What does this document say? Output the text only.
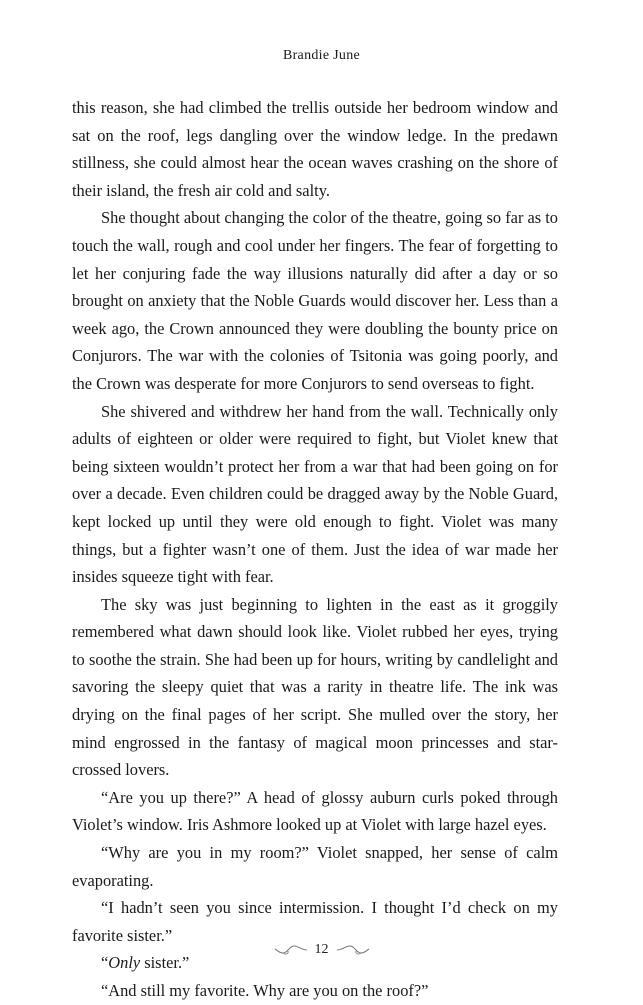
Brandie June

this reason, she had climbed the trellis outside her bedroom window and sat on the roof, legs dangling over the window ledge. In the predawn stillness, she could almost hear the ocean waves crashing on the shore of their island, the fresh air cold and salty.

She thought about changing the color of the theatre, going so far as to touch the wall, rough and cool under her fingers. The fear of forgetting to let her conjuring fade the way illusions naturally did after a day or so brought on anxiety that the Noble Guards would discover her. Less than a week ago, the Crown announced they were doubling the bounty price on Conjurors. The war with the colonies of Tsitonia was going poorly, and the Crown was desperate for more Conjurors to send overseas to fight.

She shivered and withdrew her hand from the wall. Technically only adults of eighteen or older were required to fight, but Violet knew that being sixteen wouldn’t protect her from a war that had been going on for over a decade. Even children could be dragged away by the Noble Guard, kept locked up until they were old enough to fight. Violet was many things, but a fighter wasn’t one of them. Just the idea of war made her insides squeeze tight with fear.

The sky was just beginning to lighten in the east as it groggily remembered what dawn should look like. Violet rubbed her eyes, trying to soothe the strain. She had been up for hours, writing by candlelight and savoring the sleepy quiet that was a rarity in theatre life. The ink was drying on the final pages of her script. She mulled over the story, her mind engrossed in the fantasy of magical moon princesses and star-crossed lovers.

“Are you up there?” A head of glossy auburn curls poked through Violet’s window. Iris Ashmore looked up at Violet with large hazel eyes.

“Why are you in my room?” Violet snapped, her sense of calm evaporating.

“I hadn’t seen you since intermission. I thought I’d check on my favorite sister.”

“Only sister.”

“And still my favorite. Why are you on the roof?”

12
